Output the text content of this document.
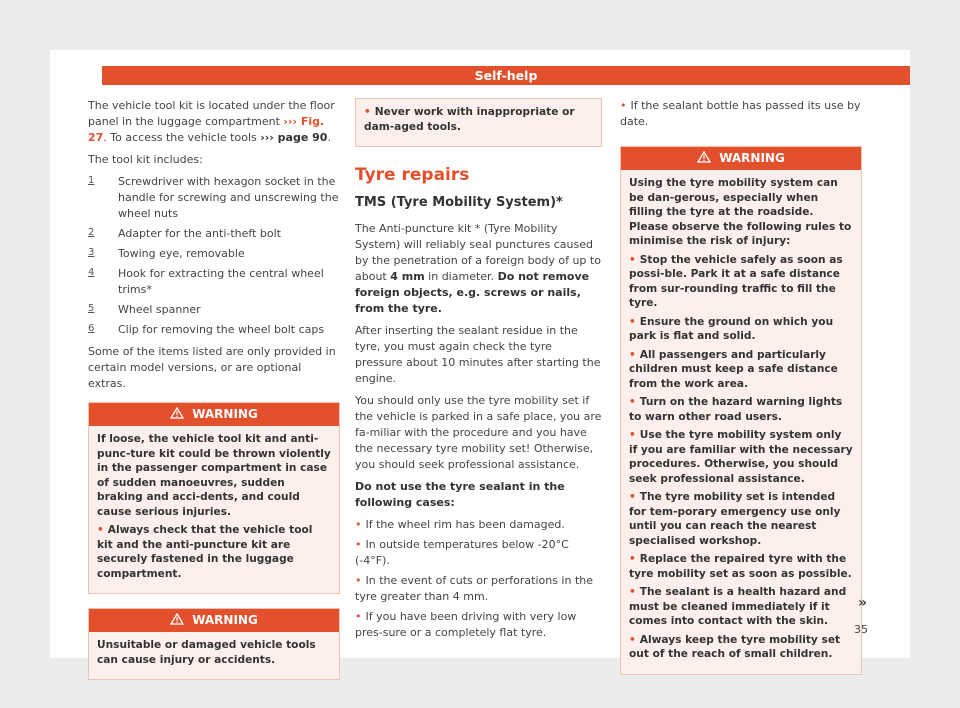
Self-help

The vehicle tool kit is located under the floor panel in the luggage compartment ››› Fig. 27. To access the vehicle tools ››› page 90.

The tool kit includes:

1 Screwdriver with hexagon socket in the handle for screwing and unscrewing the wheel nuts
2 Adapter for the anti-theft bolt
3 Towing eye, removable
4 Hook for extracting the central wheel trims*
5 Wheel spanner
6 Clip for removing the wheel bolt caps

Some of the items listed are only provided in certain model versions, or are optional extras.

WARNING

If loose, the vehicle tool kit and anti-punc-ture kit could be thrown violently in the passenger compartment in case of sudden manoeuvres, sudden braking and acci-dents, and could cause serious injuries.

• Always check that the vehicle tool kit and the anti-puncture kit are securely fastened in the luggage compartment.

WARNING

Unsuitable or damaged vehicle tools can cause injury or accidents.

• Never work with inappropriate or dam-aged tools.

Tyre repairs
TMS (Tyre Mobility System)*

The Anti-puncture kit * (Tyre Mobility System) will reliably seal punctures caused by the penetration of a foreign body of up to about 4 mm in diameter. Do not remove foreign objects, e.g. screws or nails, from the tyre.

After inserting the sealant residue in the tyre, you must again check the tyre pressure about 10 minutes after starting the engine.

You should only use the tyre mobility set if the vehicle is parked in a safe place, you are fa-miliar with the procedure and you have the necessary tyre mobility set! Otherwise, you should seek professional assistance.

Do not use the tyre sealant in the following cases:

• If the wheel rim has been damaged.

• In outside temperatures below -20°C (-4°F).

• In the event of cuts or perforations in the tyre greater than 4 mm.

• If you have been driving with very low pres-sure or a completely flat tyre.

• If the sealant bottle has passed its use by date.

WARNING

Using the tyre mobility system can be dan-gerous, especially when filling the tyre at the roadside. Please observe the following rules to minimise the risk of injury:

• Stop the vehicle safely as soon as possi-ble. Park it at a safe distance from sur-rounding traffic to fill the tyre.

• Ensure the ground on which you park is flat and solid.

• All passengers and particularly children must keep a safe distance from the work area.

• Turn on the hazard warning lights to warn other road users.

• Use the tyre mobility system only if you are familiar with the necessary procedures. Otherwise, you should seek professional assistance.

• The tyre mobility set is intended for tem-porary emergency use only until you can reach the nearest specialised workshop.

• Replace the repaired tyre with the tyre mobility set as soon as possible.

• The sealant is a health hazard and must be cleaned immediately if it comes into contact with the skin.

• Always keep the tyre mobility set out of the reach of small children.

»
35
